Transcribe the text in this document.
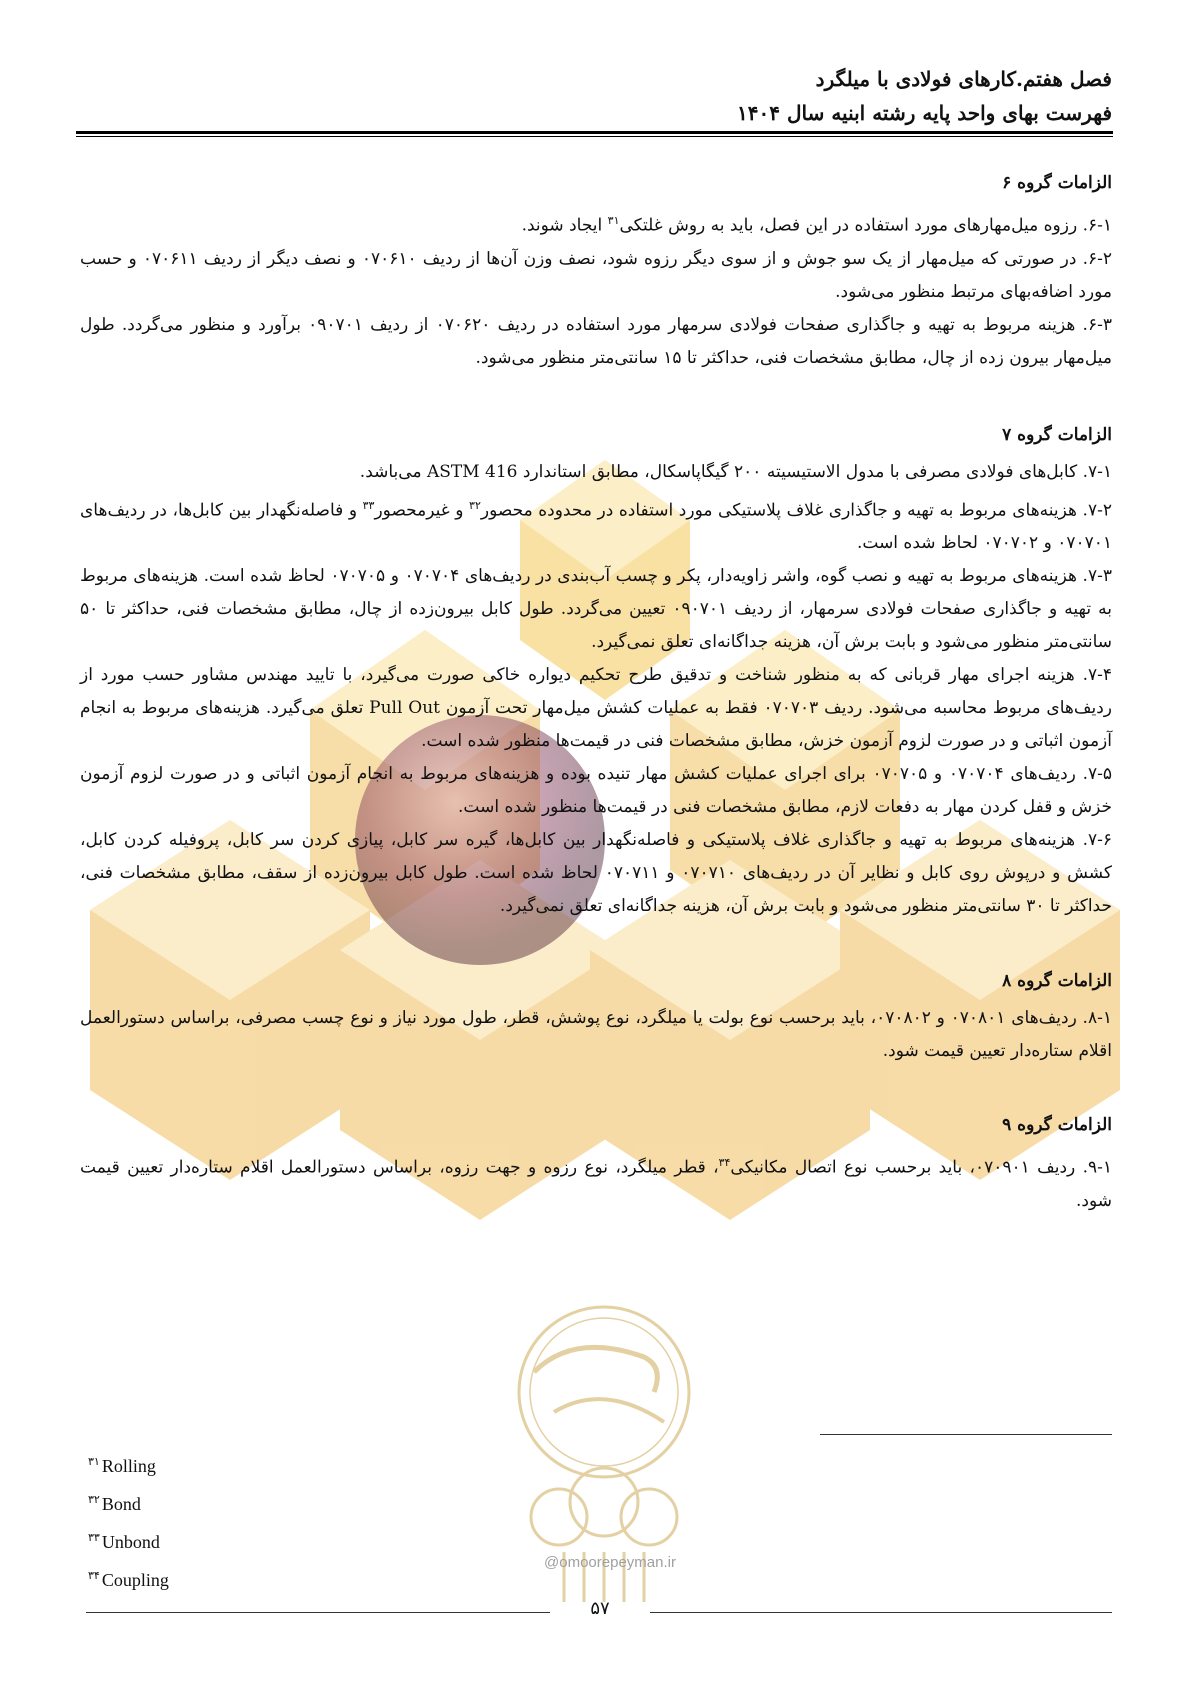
@omoorepeyman.ir
فصل هفتم.کارهای فولادی با میلگرد
فهرست بهای واحد پایه رشته ابنیه سال ۱۴۰۴
الزامات گروه ۶
۶-۱. رزوه میل‌مهارهای مورد استفاده در این فصل، باید به روش غلتکی$^{۳۱}$ ایجاد شوند.
۶-۲. در صورتی که میل‌مهار از یک سو جوش و از سوی دیگر رزوه شود، نصف وزن آن‌ها از ردیف ۰۷۰۶۱۰ و نصف دیگر از ردیف ۰۷۰۶۱۱ و حسب مورد اضافه‌بهای مرتبط منظور می‌شود.
۶-۳. هزینه مربوط به تهیه و جاگذاری صفحات فولادی سرمهار مورد استفاده در ردیف ۰۷۰۶۲۰ از ردیف ۰۹۰۷۰۱ برآورد و منظور می‌گردد. طول میل‌مهار بیرون زده از چال، مطابق مشخصات فنی، حداکثر تا ۱۵ سانتی‌متر منظور می‌شود.
الزامات گروه ۷
۷-۱. کابل‌های فولادی مصرفی با مدول الاستیسیته ۲۰۰ گیگاپاسکال، مطابق استاندارد ASTM 416 می‌باشد.
۷-۲. هزینه‌های مربوط به تهیه و جاگذاری غلاف پلاستیکی مورد استفاده در محدوده محصور$^{۳۲}$ و غیرمحصور$^{۳۳}$ و فاصله‌نگهدار بین کابل‌ها، در ردیف‌های ۰۷۰۷۰۱ و ۰۷۰۷۰۲ لحاظ شده است.
۷-۳. هزینه‌های مربوط به تهیه و نصب گوه، واشر زاویه‌دار، پکر و چسب آب‌بندی در ردیف‌های ۰۷۰۷۰۴ و ۰۷۰۷۰۵ لحاظ شده است. هزینه‌های مربوط به تهیه و جاگذاری صفحات فولادی سرمهار، از ردیف ۰۹۰۷۰۱ تعیین می‌گردد. طول کابل بیرون‌زده از چال، مطابق مشخصات فنی، حداکثر تا ۵۰ سانتی‌متر منظور می‌شود و بابت برش آن، هزینه جداگانه‌ای تعلق نمی‌گیرد.
۷-۴. هزینه اجرای مهار قربانی که به منظور شناخت و تدقیق طرح تحکیم دیواره خاکی صورت می‌گیرد، با تایید مهندس مشاور حسب مورد از ردیف‌های مربوط محاسبه می‌شود. ردیف ۰۷۰۷۰۳ فقط به عملیات کشش میل‌مهار تحت آزمون Pull Out تعلق می‌گیرد. هزینه‌های مربوط به انجام آزمون اثباتی و در صورت لزوم آزمون خزش، مطابق مشخصات فنی در قیمت‌ها منظور شده است.
۷-۵. ردیف‌های ۰۷۰۷۰۴ و ۰۷۰۷۰۵ برای اجرای عملیات کشش مهار تنیده بوده و هزینه‌های مربوط به انجام آزمون اثباتی و در صورت لزوم آزمون خزش و قفل کردن مهار به دفعات لازم، مطابق مشخصات فنی در قیمت‌ها منظور شده است.
۷-۶. هزینه‌های مربوط به تهیه و جاگذاری غلاف پلاستیکی و فاصله‌نگهدار بین کابل‌ها، گیره سر کابل، پیازی کردن سر کابل، پروفیله کردن کابل، کشش و درپوش روی کابل و نظایر آن در ردیف‌های ۰۷۰۷۱۰ و ۰۷۰۷۱۱ لحاظ شده است. طول کابل بیرون‌زده از سقف، مطابق مشخصات فنی، حداکثر تا ۳۰ سانتی‌متر منظور می‌شود و بابت برش آن، هزینه جداگانه‌ای تعلق نمی‌گیرد.
الزامات گروه ۸
۸-۱. ردیف‌های ۰۷۰۸۰۱ و ۰۷۰۸۰۲، باید برحسب نوع بولت یا میلگرد، نوع پوشش، قطر، طول مورد نیاز و نوع چسب مصرفی، براساس دستورالعمل اقلام ستاره‌دار تعیین قیمت شود.
الزامات گروه ۹
۹-۱. ردیف ۰۷۰۹۰۱، باید برحسب نوع اتصال مکانیکی$^{۳۴}$، قطر میلگرد، نوع رزوه و جهت رزوه، براساس دستورالعمل اقلام ستاره‌دار تعیین قیمت شود.
$^{۳۱}$ Rolling
$^{۳۲}$ Bond
$^{۳۳}$ Unbond
$^{۳۴}$ Coupling
۵۷
